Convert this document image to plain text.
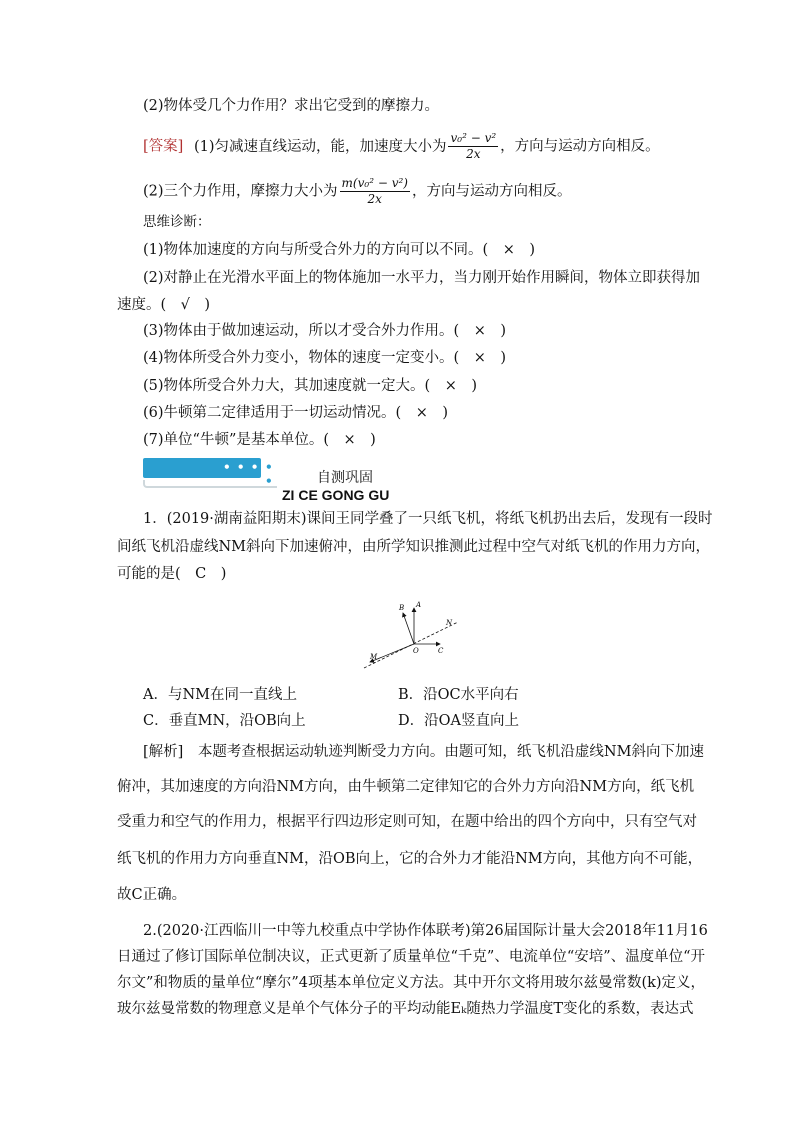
(2)物体受几个力作用？求出它受到的摩擦力。
[答案] (1)匀减速直线运动，能，加速度大小为 $\frac{\text{v₀² − v²}}{2x}$ ，方向与运动方向相反。
(2)三个力作用，摩擦力大小为 $\frac{\text{m(v₀² − v²)}}{2x}$ ，方向与运动方向相反。
思维诊断：
(1)物体加速度的方向与所受合外力的方向可以不同。(　×　)
(2)对静止在光滑水平面上的物体施加一水平力，当力刚开始作用瞬间，物体立即获得加
速度。(　√　)
(3)物体由于做加速运动，所以才受合外力作用。(　×　)
(4)物体所受合外力变小，物体的速度一定变小。(　×　)
(5)物体所受合外力大，其加速度就一定大。(　×　)
(6)牛顿第二定律适用于一切运动情况。(　×　)
(7)单位“牛顿”是基本单位。(　×　)
• • • • •	自测巩固
ZI CE GONG GU
1．(2019·湖南益阳期末)课间王同学叠了一只纸飞机，将纸飞机扔出去后，发现有一段时
间纸飞机沿虚线NM斜向下加速俯冲，由所学知识推测此过程中空气对纸飞机的作用力方向，
可能的是(　C　)
A
B
N
M
O	C
A．与NM在同一直线上	B．沿OC水平向右
C．垂直MN，沿OB向上	D．沿OA竖直向上
[解析] 本题考查根据运动轨迹判断受力方向。由题可知，纸飞机沿虚线NM斜向下加速
俯冲，其加速度的方向沿NM方向，由牛顿第二定律知它的合外力方向沿NM方向，纸飞机
受重力和空气的作用力，根据平行四边形定则可知，在题中给出的四个方向中，只有空气对
纸飞机的作用力方向垂直NM，沿OB向上，它的合外力才能沿NM方向，其他方向不可能，
故C正确。
2.(2020·江西临川一中等九校重点中学协作体联考)第26届国际计量大会2018年11月16
日通过了修订国际单位制决议，正式更新了质量单位“千克”、电流单位“安培”、温度单位“开
尔文”和物质的量单位“摩尔”4项基本单位定义方法。其中开尔文将用玻尔兹曼常数(k)定义，
玻尔兹曼常数的物理意义是单个气体分子的平均动能Eₖ随热力学温度T变化的系数，表达式
